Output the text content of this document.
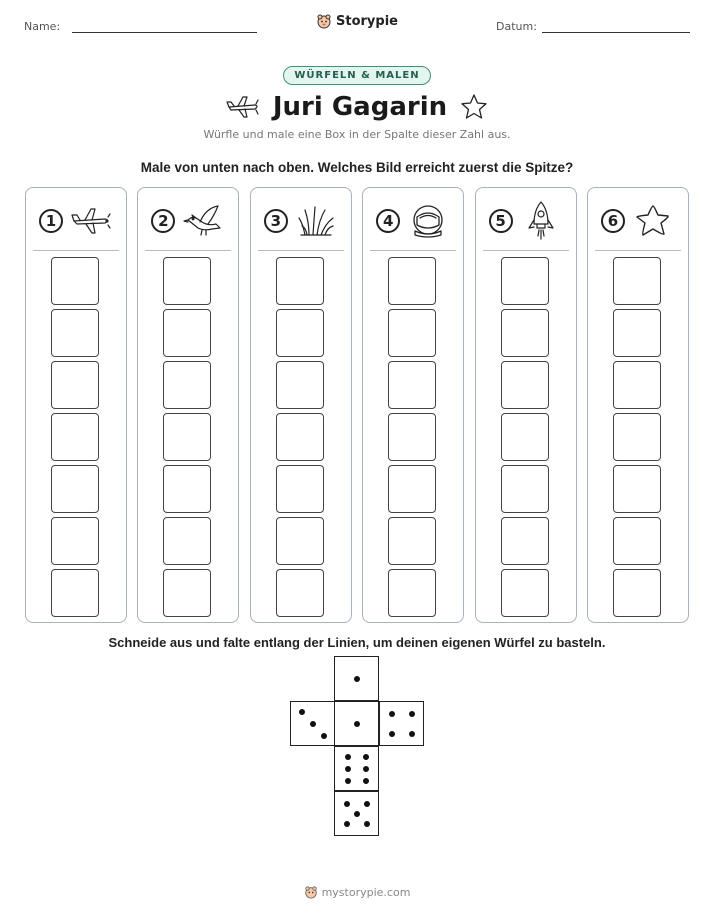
Name:	Datum:
Storypie
WÜRFELN & MALEN
Juri Gagarin
Würfle und male eine Box in der Spalte dieser Zahl aus.
Male von unten nach oben. Welches Bild erreicht zuerst die Spitze?
1	2	3	4	5	6
Schneide aus und falte entlang der Linien, um deinen eigenen Würfel zu basteln.
mystorypie.com
